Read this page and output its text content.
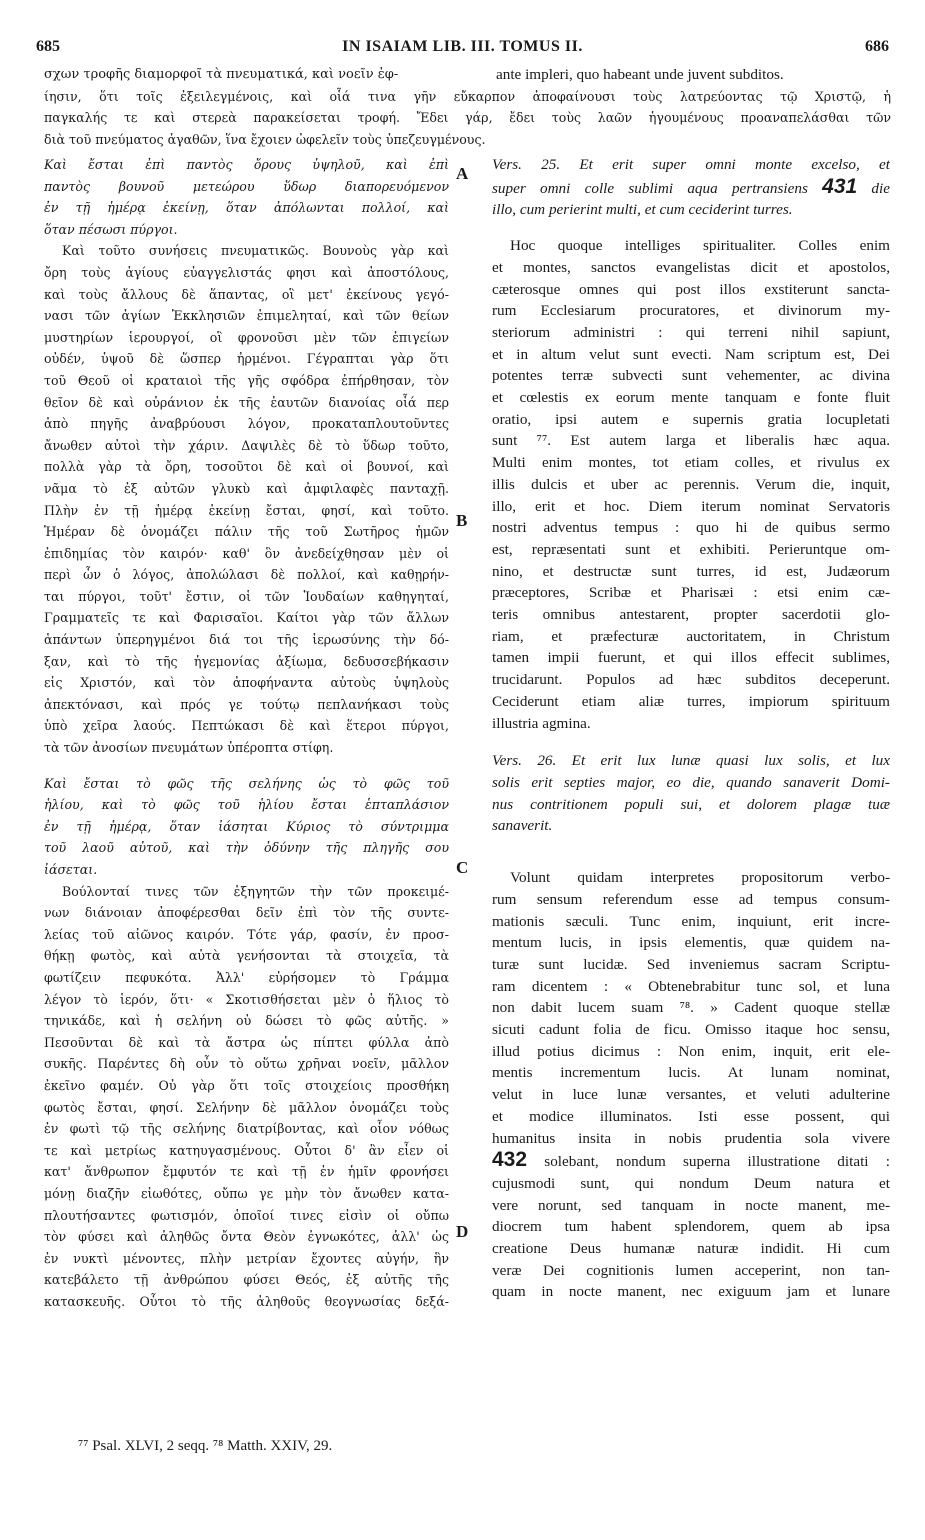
685	IN ISAIAM LIB. III. TOMUS II.	686
σχων τροφῆς διαμορφοῖ τὰ πνευματικά, καὶ νοεῖν ἐφ-	ante impleri, quo habeant unde juvent subditos.
ίησιν, ὅτι τοῖς ἐξειλεγμένοις, καὶ οἷά τινα γῆν εὔκαρπον ἀποφαίνουσι τοὺς λατρεύοντας τῷ Χριστῷ, ἡ
παγκαλής τε καὶ στερεὰ παρακείσεται τροφή. Ἔδει γάρ, ἔδει τοὺς λαῶν ἡγουμένους προαναπελάσθαι τῶν
διὰ τοῦ πνεύματος ἀγαθῶν, ἵνα ἔχοιεν ὠφελεῖν τοὺς ὑπεζευγμένους.
Καὶ ἔσται ἐπὶ παντὸς ὄρους ὑψηλοῦ, καὶ ἐπὶ
παντὸς βουνοῦ μετεώρου ὕδωρ διαπορευόμενον
ἐν τῇ ἡμέρᾳ ἐκείνῃ, ὅταν ἀπόλωνται πολλοί, καὶ
ὅταν πέσωσι πύργοι.
Καὶ τοῦτο συνήσεις πνευματικῶς. Βουνοὺς γὰρ καὶ
ὄρη τοὺς ἁγίους εὐαγγελιστάς φησι καὶ ἀποστόλους,
καὶ τοὺς ἄλλους δὲ ἅπαντας, οἳ μετ' ἐκείνους γεγό-
νασι τῶν ἁγίων Ἐκκλησιῶν ἐπιμεληταί, καὶ τῶν θείων
μυστηρίων ἱερουργοί, οἳ φρονοῦσι μὲν τῶν ἐπιγείων
οὐδέν, ὑψοῦ δὲ ὥσπερ ἠρμένοι. Γέγραπται γὰρ ὅτι
τοῦ Θεοῦ οἱ κραταιοὶ τῆς γῆς σφόδρα ἐπήρθησαν, τὸν
θεῖον δὲ καὶ οὐράνιον ἐκ τῆς ἑαυτῶν διανοίας οἷά περ
ἀπὸ πηγῆς ἀναβρύουσι λόγον, προκαταπλουτοῦντες
ἄνωθεν αὐτοὶ τὴν χάριν. Δαψιλὲς δὲ τὸ ὕδωρ τοῦτο,
πολλὰ γὰρ τὰ ὄρη, τοσοῦτοι δὲ καὶ οἱ βουνοί, καὶ
νᾶμα τὸ ἐξ αὐτῶν γλυκὺ καὶ ἀμφιλαφὲς πανταχῇ.
Πλὴν ἐν τῇ ἡμέρᾳ ἐκείνῃ ἔσται, φησί, καὶ τοῦτο.
Ἡμέραν δὲ ὀνομάζει πάλιν τῆς τοῦ Σωτῆρος ἡμῶν
ἐπιδημίας τὸν καιρόν· καθ' ὃν ἀνεδείχθησαν μὲν οἱ
περὶ ὧν ὁ λόγος, ἀπολώλασι δὲ πολλοί, καὶ καθῃρήν-
ται πύργοι, τοῦτ' ἔστιν, οἱ τῶν Ἰουδαίων καθηγηταί,
Γραμματεῖς τε καὶ Φαρισαῖοι. Καίτοι γὰρ τῶν ἄλλων
ἁπάντων ὑπερηγμένοι διά τοι τῆς ἱερωσύνης τὴν δό-
ξαν, καὶ τὸ τῆς ἡγεμονίας ἀξίωμα, δεδυσσεβήκασιν
εἰς Χριστόν, καὶ τὸν ἀποφήναντα αὐτοὺς ὑψηλοὺς
ἀπεκτόνασι, καὶ πρός γε τούτῳ πεπλανήκασι τοὺς
ὑπὸ χεῖρα λαούς. Πεπτώκασι δὲ καὶ ἕτεροι πύργοι,
τὰ τῶν ἀνοσίων πνευμάτων ὑπέροπτα στίφη.
Καὶ ἔσται τὸ φῶς τῆς σελήνης ὡς τὸ φῶς τοῦ
ἡλίου, καὶ τὸ φῶς τοῦ ἡλίου ἔσται ἑπταπλάσιον
ἐν τῇ ἡμέρᾳ, ὅταν ἰάσηται Κύριος τὸ σύντριμμα
τοῦ λαοῦ αὐτοῦ, καὶ τὴν ὀδύνην τῆς πληγῆς σου
ἰάσεται.
Βούλονταί τινες τῶν ἐξηγητῶν τὴν τῶν προκειμέ-
νων διάνοιαν ἀποφέρεσθαι δεῖν ἐπὶ τὸν τῆς συντε-
λείας τοῦ αἰῶνος καιρόν. Τότε γάρ, φασίν, ἐν προσ-
θήκῃ φωτὸς, καὶ αὐτὰ γενήσονται τὰ στοιχεῖα, τὰ
φωτίζειν πεφυκότα. Ἀλλ' εὑρήσομεν τὸ Γράμμα
λέγον τὸ ἱερόν, ὅτι· « Σκοτισθήσεται μὲν ὁ ἥλιος τὸ
τηνικάδε, καὶ ἡ σελήνη οὐ δώσει τὸ φῶς αὐτῆς. »
Πεσοῦνται δὲ καὶ τὰ ἄστρα ὡς πίπτει φύλλα ἀπὸ
συκῆς. Παρέντες δὴ οὖν τὸ οὕτω χρῆναι νοεῖν, μᾶλλον
ἐκεῖνο φαμέν. Οὐ γὰρ ὅτι τοῖς στοιχείοις προσθήκη
φωτὸς ἔσται, φησί. Σελήνην δὲ μᾶλλον ὀνομάζει τοὺς
ἐν φωτὶ τῷ τῆς σελήνης διατρίβοντας, καὶ οἷον νόθως
τε καὶ μετρίως κατηυγασμένους. Οὗτοι δ' ἂν εἶεν οἱ
κατ' ἄνθρωπον ἔμφυτόν τε καὶ τῇ ἐν ἡμῖν φρονήσει
μόνῃ διαζῆν εἰωθότες, οὔπω γε μὴν τὸν ἄνωθεν κατα-
πλουτήσαντες φωτισμόν, ὁποῖοί τινες εἰσὶν οἱ οὔπω
τὸν φύσει καὶ ἀληθῶς ὄντα Θεὸν ἐγνωκότες, ἀλλ' ὡς
ἐν νυκτὶ μένοντες, πλὴν μετρίαν ἔχοντες αὐγήν, ἣν
κατεβάλετο τῇ ἀνθρώπου φύσει Θεός, ἐξ αὐτῆς τῆς
κατασκευῆς. Οὗτοι τὸ τῆς ἀληθοῦς θεογνωσίας δεξά-
Vers. 25. Et erit super omni monte excelso, et
super omni colle sublimi aqua pertransiens 431 die
illo, cum perierint multi, et cum ceciderint turres.
Hoc quoque intelliges spiritualiter. Colles enim
et montes, sanctos evangelistas dicit et apostolos,
cæterosque omnes qui post illos exstiterunt sancta-
rum Ecclesiarum procuratores, et divinorum my-
steriorum administri : qui terreni nihil sapiunt,
et in altum velut sunt evecti. Nam scriptum est, Dei
potentes terræ subvecti sunt vehementer, ac divina
et cœlestis ex eorum mente tanquam e fonte fluit
oratio, ipsi autem e supernis gratia locupletati
sunt ⁷⁷. Est autem larga et liberalis hæc aqua.
Multi enim montes, tot etiam colles, et rivulus ex
illis dulcis et uber ac perennis. Verum die, inquit,
illo, erit et hoc. Diem iterum nominat Servatoris
nostri adventus tempus : quo hi de quibus sermo
est, repræsentati sunt et exhibiti. Perieruntque om-
nino, et destructæ sunt turres, id est, Judæorum
præceptores, Scribæ et Pharisæi : etsi enim cæ-
teris omnibus antestarent, propter sacerdotii glo-
riam, et præfecturæ auctoritatem, in Christum
tamen impii fuerunt, et qui illos effecit sublimes,
trucidarunt. Populos ad hæc subditos deceperunt.
Ceciderunt etiam aliæ turres, impiorum spirituum
illustria agmina.
Vers. 26. Et erit lux lunæ quasi lux solis, et lux
solis erit septies major, eo die, quando sanaverit Domi-
nus contritionem populi sui, et dolorem plagæ tuæ
sanaverit.
Volunt quidam interpretes propositorum verbo-
rum sensum referendum esse ad tempus consum-
mationis sæculi. Tunc enim, inquiunt, erit incre-
mentum lucis, in ipsis elementis, quæ quidem na-
turæ sunt lucidæ. Sed inveniemus sacram Scriptu-
ram dicentem : « Obtenebrabitur tunc sol, et luna
non dabit lucem suam ⁷⁸. » Cadent quoque stellæ
sicuti cadunt folia de ficu. Omisso itaque hoc sensu,
illud potius dicimus : Non enim, inquit, erit ele-
mentis incrementum lucis. At lunam nominat,
velut in luce lunæ versantes, et veluti adulterine
et modice illuminatos. Isti esse possent, qui
humanitus insita in nobis prudentia sola vivere
432 solebant, nondum superna illustratione ditati :
cujusmodi sunt, qui nondum Deum natura et
vere norunt, sed tanquam in nocte manent, me-
diocrem tum habent splendorem, quem ab ipsa
creatione Deus humanæ naturæ indidit. Hi cum
veræ Dei cognitionis lumen acceperint, non tan-
quam in nocte manent, nec exiguum jam et lunare
A
B
C
D
⁷⁷ Psal. XLVI, 2 seqq. ⁷⁸ Matth. XXIV, 29.
